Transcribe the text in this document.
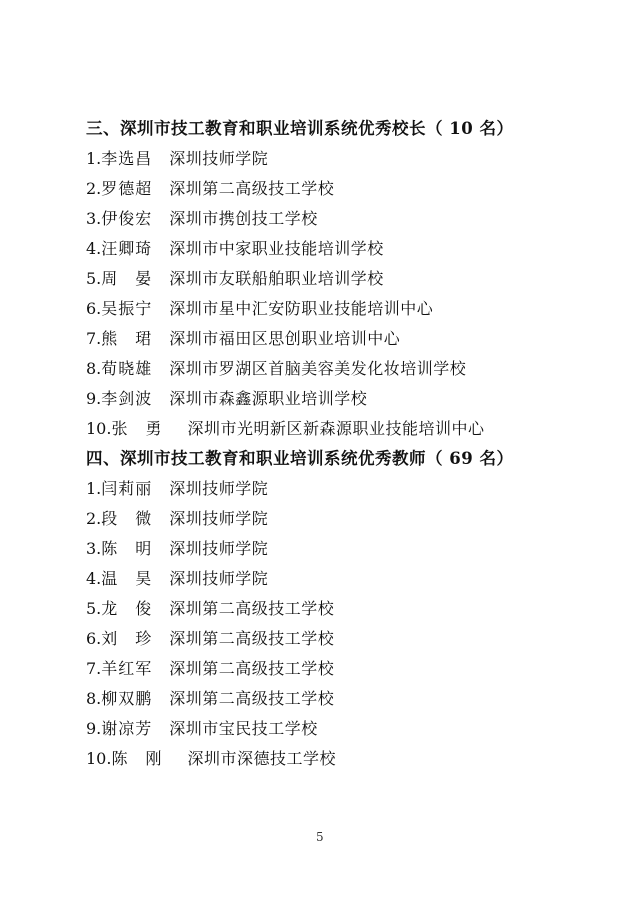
三、深圳市技工教育和职业培训系统优秀校长（ 10 名）
1. 李选昌	深圳技师学院
2. 罗德超	深圳第二高级技工学校
3. 伊俊宏	深圳市携创技工学校
4. 汪卿琦	深圳市中家职业技能培训学校
5. 周　晏	深圳市友联船舶职业培训学校
6. 吴振宁	深圳市星中汇安防职业技能培训中心
7. 熊　珺	深圳市福田区思创职业培训中心
8. 荀晓雄	深圳市罗湖区首脑美容美发化妆培训学校
9. 李剑波	深圳市森鑫源职业培训学校
10. 张　勇	深圳市光明新区新森源职业技能培训中心
四、深圳市技工教育和职业培训系统优秀教师（ 69 名）
1. 闫莉丽	深圳技师学院
2. 段　微	深圳技师学院
3. 陈　明	深圳技师学院
4. 温　昊	深圳技师学院
5. 龙　俊	深圳第二高级技工学校
6. 刘　珍	深圳第二高级技工学校
7. 羊红军	深圳第二高级技工学校
8. 柳双鹏	深圳第二高级技工学校
9. 谢凉芳	深圳市宝民技工学校
10. 陈　刚	深圳市深德技工学校
5
